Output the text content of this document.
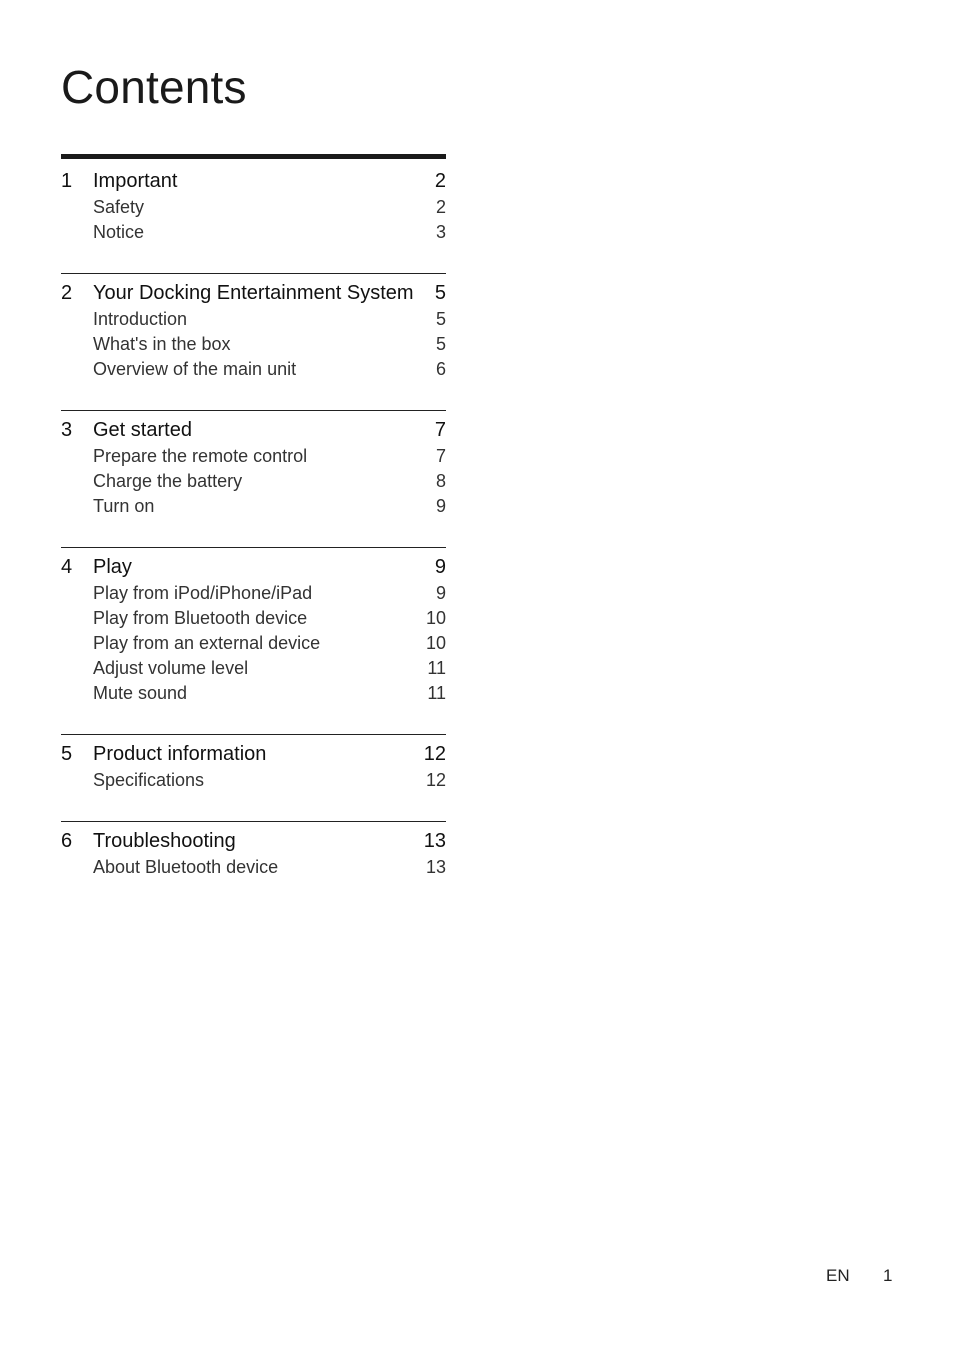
Contents
1 Important	2
Safety	2
Notice	3
2 Your Docking Entertainment System 5
Introduction	5
What's in the box	5
Overview of the main unit	6
3 Get started	7
Prepare the remote control	7
Charge the battery	8
Turn on	9
4 Play	9
Play from iPod/iPhone/iPad	9
Play from Bluetooth device	10
Play from an external device	10
Adjust volume level	11
Mute sound	11
5 Product information	12
Specifications	12
6 Troubleshooting	13
About Bluetooth device	13
EN 1
